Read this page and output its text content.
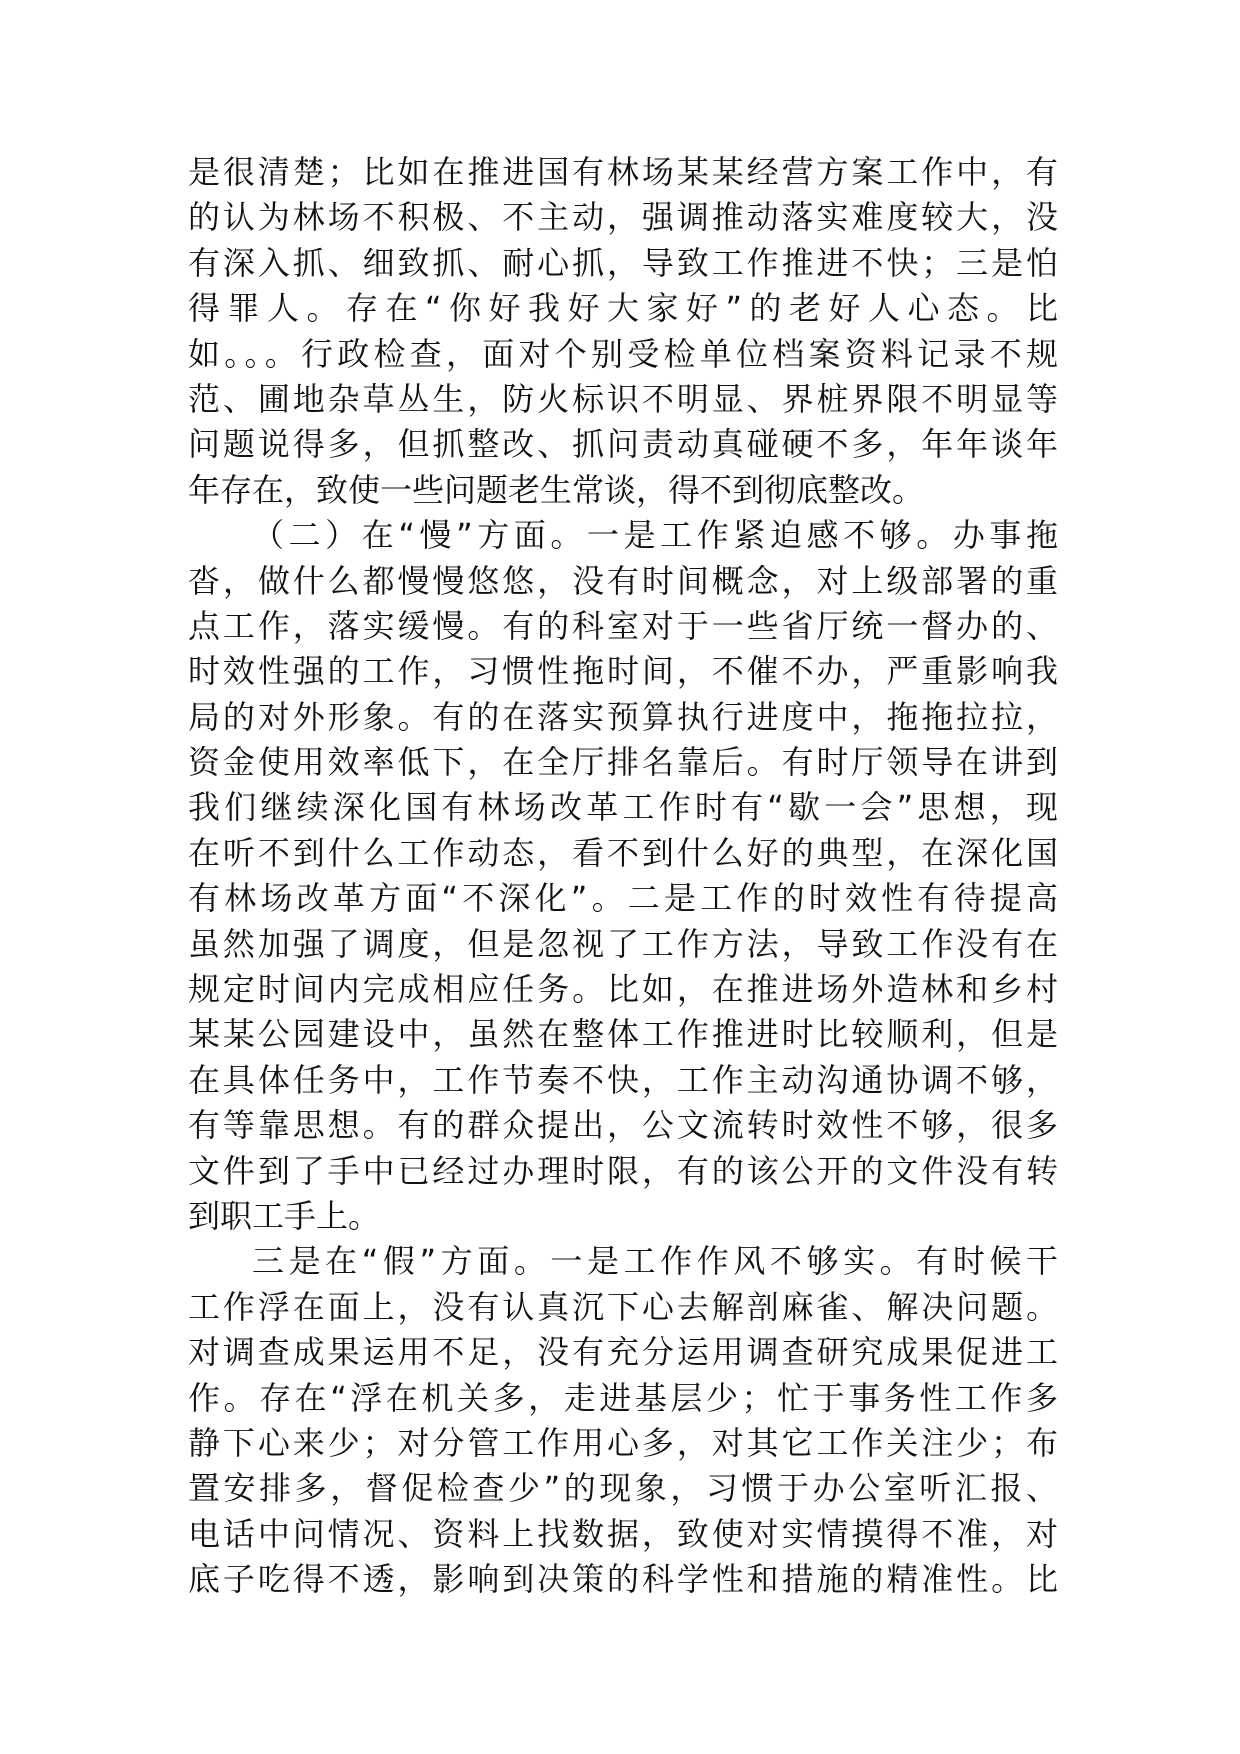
是很清楚；比如在推进国有林场某某经营方案工作中，有
的认为林场不积极、不主动，强调推动落实难度较大，没
有深入抓、细致抓、耐心抓，导致工作推进不快；三是怕
得罪人。存在“你好我好大家好”的老好人心态。比
如。。。行政检查，面对个别受检单位档案资料记录不规
范、圃地杂草丛生，防火标识不明显、界桩界限不明显等
问题说得多，但抓整改、抓问责动真碰硬不多，年年谈年
年存在，致使一些问题老生常谈，得不到彻底整改。
（二）在“慢”方面。一是工作紧迫感不够。办事拖
沓，做什么都慢慢悠悠，没有时间概念，对上级部署的重
点工作，落实缓慢。有的科室对于一些省厅统一督办的、
时效性强的工作，习惯性拖时间，不催不办，严重影响我
局的对外形象。有的在落实预算执行进度中，拖拖拉拉，
资金使用效率低下，在全厅排名靠后。有时厅领导在讲到
我们继续深化国有林场改革工作时有“歇一会”思想，现
在听不到什么工作动态，看不到什么好的典型，在深化国
有林场改革方面“不深化”。二是工作的时效性有待提高
虽然加强了调度，但是忽视了工作方法，导致工作没有在
规定时间内完成相应任务。比如，在推进场外造林和乡村
某某公园建设中，虽然在整体工作推进时比较顺利，但是
在具体任务中，工作节奏不快，工作主动沟通协调不够，
有等靠思想。有的群众提出，公文流转时效性不够，很多
文件到了手中已经过办理时限，有的该公开的文件没有转
到职工手上。
三是在“假”方面。一是工作作风不够实。有时候干
工作浮在面上，没有认真沉下心去解剖麻雀、解决问题。
对调查成果运用不足，没有充分运用调查研究成果促进工
作。存在“浮在机关多，走进基层少；忙于事务性工作多
静下心来少；对分管工作用心多，对其它工作关注少；布
置安排多，督促检查少”的现象，习惯于办公室听汇报、
电话中问情况、资料上找数据，致使对实情摸得不准，对
底子吃得不透，影响到决策的科学性和措施的精准性。比
